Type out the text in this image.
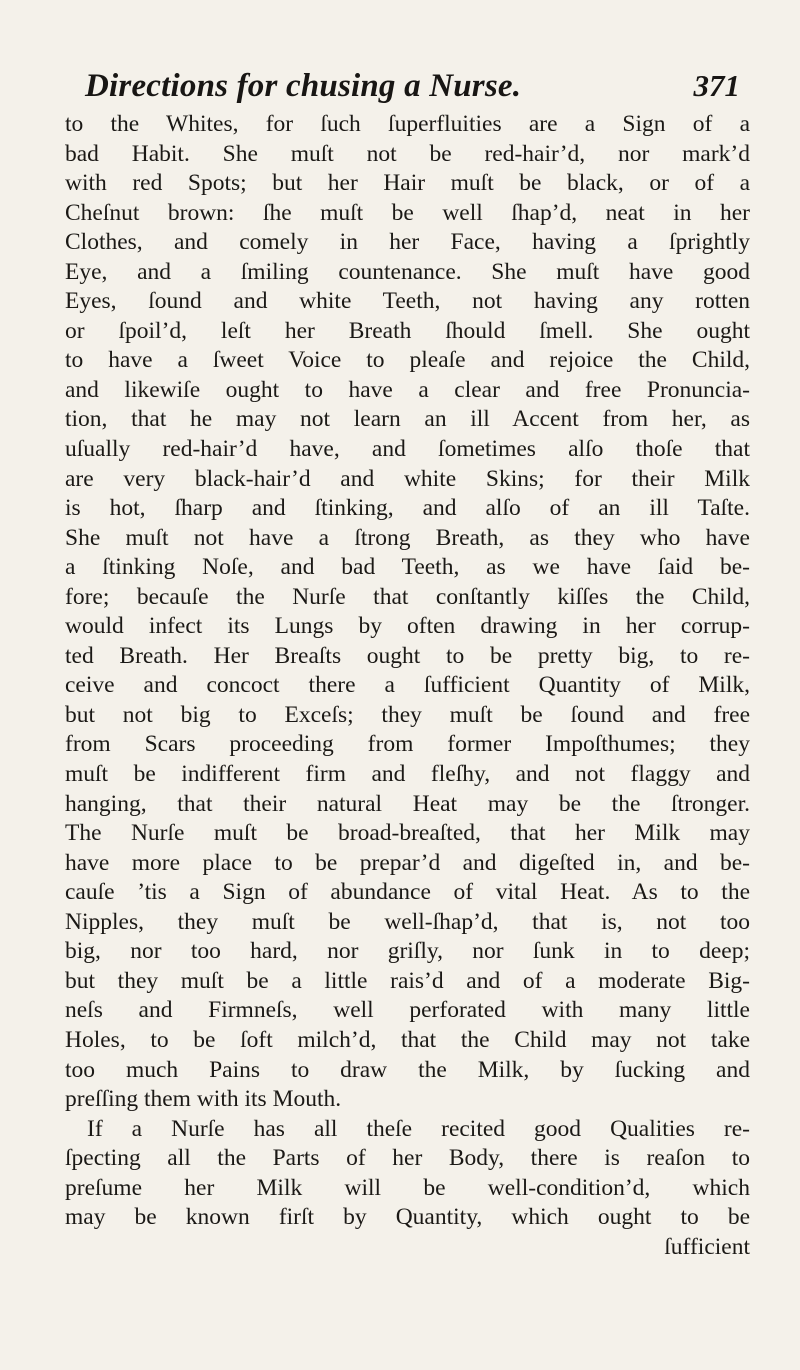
Directions for chusing a Nurse.	371
to the Whites, for ſuch ſuperfluities are a Sign of a
bad Habit. She muſt not be red-hair’d, nor mark’d
with red Spots; but her Hair muſt be black, or of a
Cheſnut brown: ſhe muſt be well ſhap’d, neat in her
Clothes, and comely in her Face, having a ſprightly
Eye, and a ſmiling countenance. She muſt have good
Eyes, ſound and white Teeth, not having any rotten
or ſpoil’d, leſt her Breath ſhould ſmell. She ought
to have a ſweet Voice to pleaſe and rejoice the Child,
and likewiſe ought to have a clear and free Pronuncia-
tion, that he may not learn an ill Accent from her, as
uſually red-hair’d have, and ſometimes alſo thoſe that
are very black-hair’d and white Skins; for their Milk
is hot, ſharp and ſtinking, and alſo of an ill Taſte.
She muſt not have a ſtrong Breath, as they who have
a ſtinking Noſe, and bad Teeth, as we have ſaid be-
fore; becauſe the Nurſe that conſtantly kiſſes the Child,
would infect its Lungs by often drawing in her corrup-
ted Breath. Her Breaſts ought to be pretty big, to re-
ceive and concoct there a ſufficient Quantity of Milk,
but not big to Exceſs; they muſt be ſound and free
from Scars proceeding from former Impoſthumes; they
muſt be indifferent firm and fleſhy, and not flaggy and
hanging, that their natural Heat may be the ſtronger.
The Nurſe muſt be broad-breaſted, that her Milk may
have more place to be prepar’d and digeſted in, and be-
cauſe ’tis a Sign of abundance of vital Heat. As to the
Nipples, they muſt be well-ſhap’d, that is, not too
big, nor too hard, nor griſly, nor ſunk in to deep;
but they muſt be a little rais’d and of a moderate Big-
neſs and Firmneſs, well perforated with many little
Holes, to be ſoft milch’d, that the Child may not take
too much Pains to draw the Milk, by ſucking and
preſſing them with its Mouth.
If a Nurſe has all theſe recited good Qualities re-
ſpecting all the Parts of her Body, there is reaſon to
preſume her Milk will be well-condition’d, which
may be known firſt by Quantity, which ought to be
ſufficient
